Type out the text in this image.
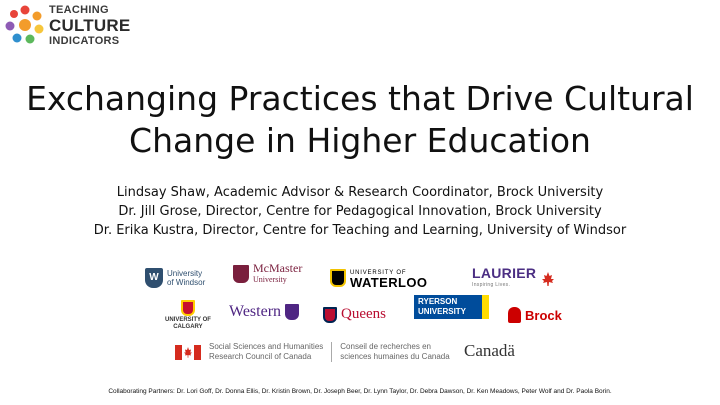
TEACHING
CULTURE
INDICATORS
Exchanging Practices that Drive Cultural
Change in Higher Education
Lindsay Shaw, Academic Advisor & Research Coordinator, Brock University
Dr. Jill Grose, Director, Centre for Pedagogical Innovation, Brock University
Dr. Erika Kustra, Director, Centre for Teaching and Learning, University of Windsor
W	University
of Windsor
McMaster
University
UNIVERSITY OF
WATERLOO
LAURIER
Inspiring Lives.
UNIVERSITY OF
CALGARY
Western	Queens
RYERSON
UNIVERSITY	Brock
Social Sciences and Humanities
Research Council of Canada
Conseil de recherches en
sciences humaines du Canada Canadä
Collaborating Partners: Dr. Lori Goff, Dr. Donna Ellis, Dr. Kristin Brown, Dr. Joseph Beer, Dr. Lynn Taylor, Dr. Debra Dawson, Dr. Ken Meadows, Peter Wolf and Dr. Paola Borin.
